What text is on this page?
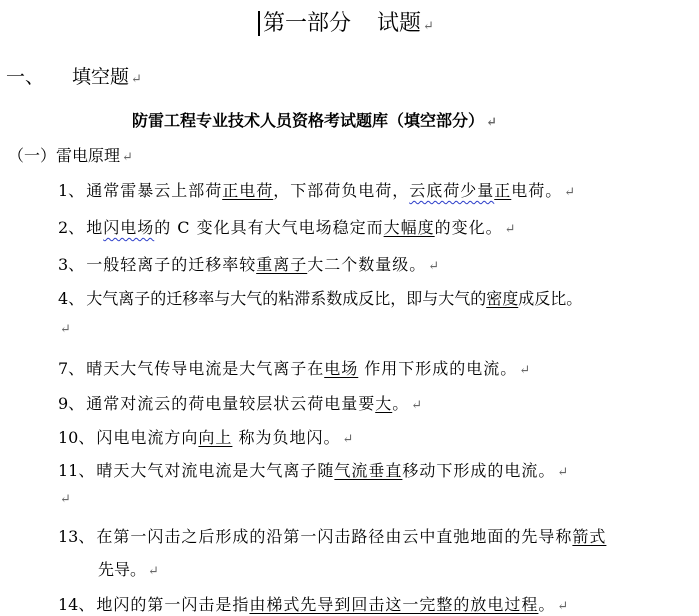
第一部分 试题 ↵
一、 填空题 ↵
防雷工程专业技术人员资格考试题库（填空部分） ↵
（一）雷电原理 ↵
1、 通常雷暴云上部荷正电荷，下部荷负电荷，云底荷少量正电荷。 ↵
2、 地闪电场的 C 变化具有大气电场稳定而大幅度的变化。 ↵
3、 一般轻离子的迁移率较重离子大二个数量级。 ↵
4、 大气离子的迁移率与大气的粘滞系数成反比，即与大气的密度成反比。
↵
7、 晴天大气传导电流是大气离子在电场 作用下形成的电流。 ↵
9、 通常对流云的荷电量较层状云荷电量要大。 ↵
10、 闪电电流方向向上 称为负地闪。 ↵
11、 晴天大气对流电流是大气离子随气流垂直移动下形成的电流。 ↵
↵
13、 在第一闪击之后形成的沿第一闪击路径由云中直弛地面的先导称箭式
先导。 ↵
14、 地闪的第一闪击是指由梯式先导到回击这一完整的放电过程。 ↵
